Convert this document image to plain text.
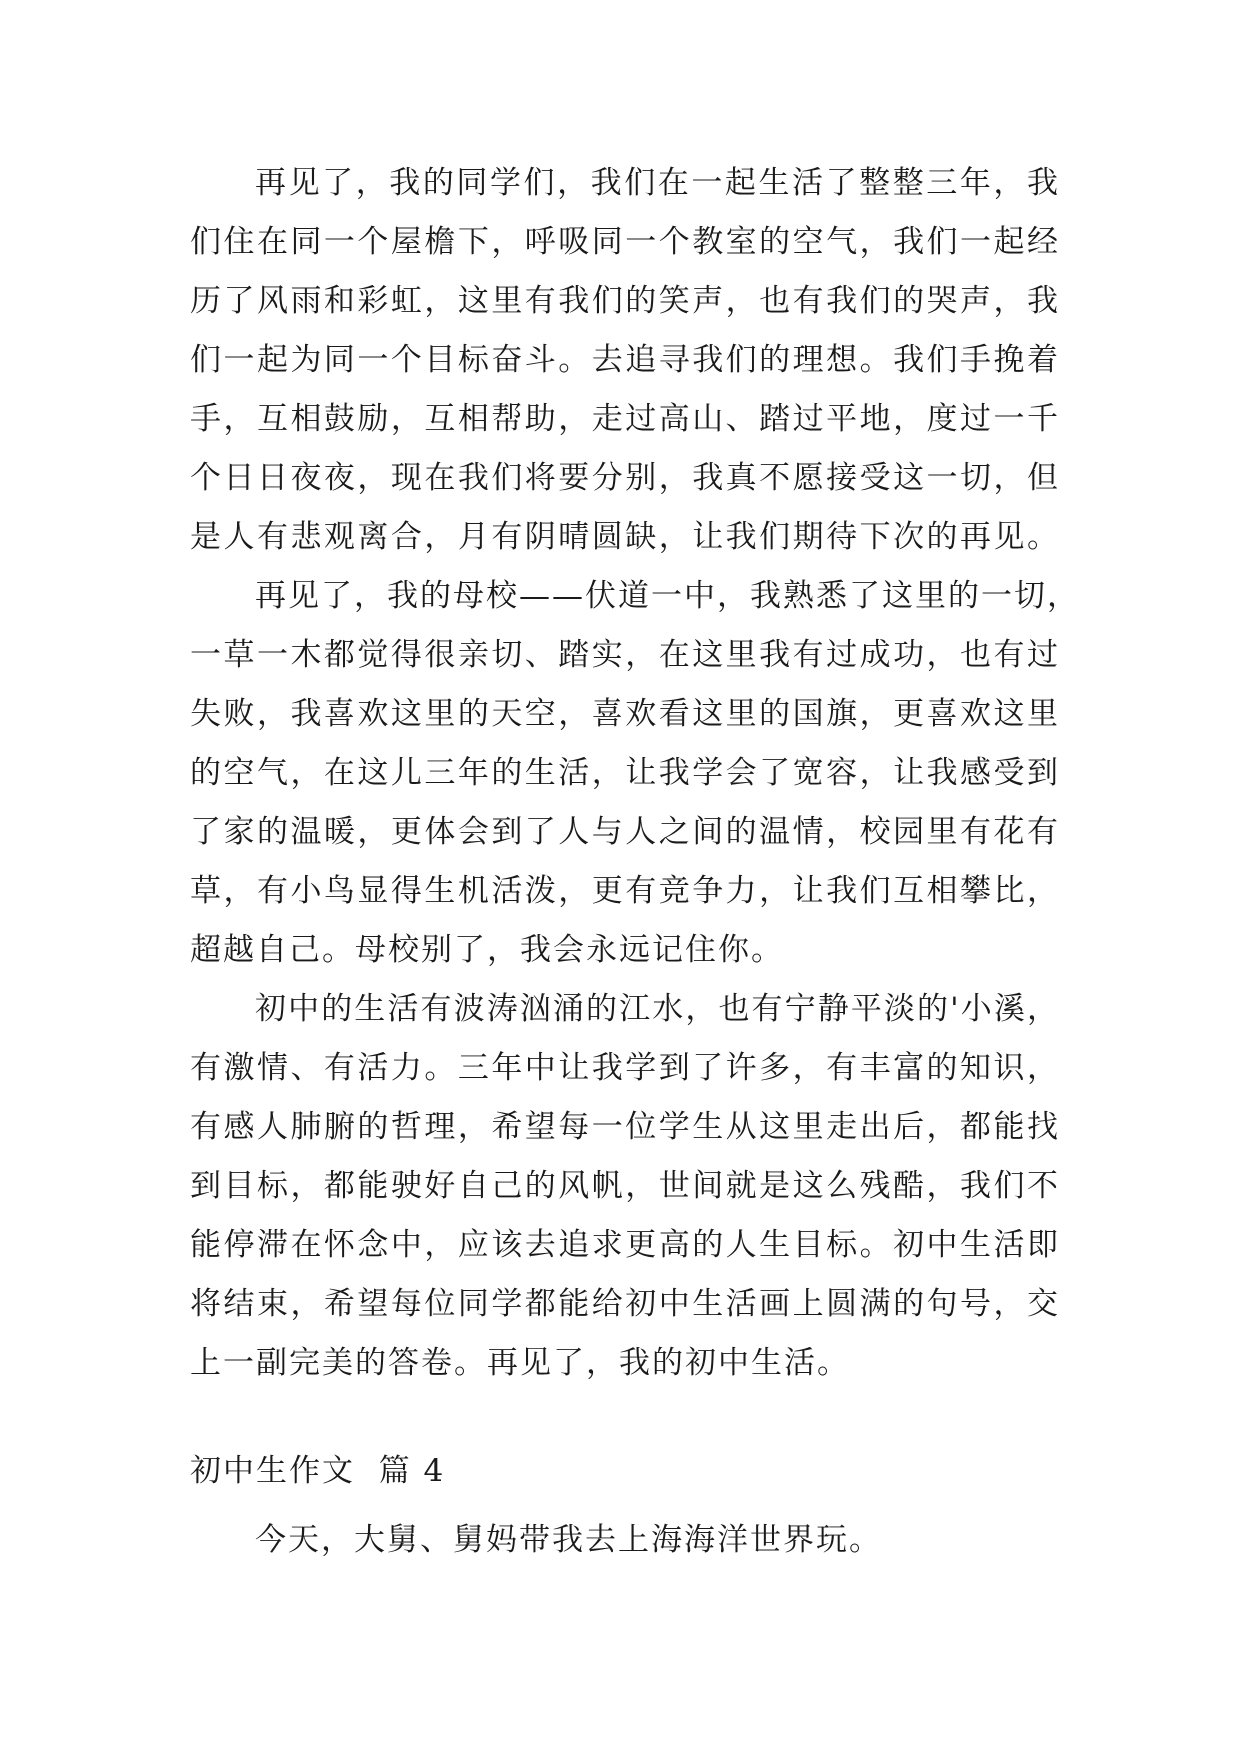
再见了，我的同学们，我们在一起生活了整整三年，我
们住在同一个屋檐下，呼吸同一个教室的空气，我们一起经
历了风雨和彩虹，这里有我们的笑声，也有我们的哭声，我
们一起为同一个目标奋斗。去追寻我们的理想。我们手挽着
手，互相鼓励，互相帮助，走过高山、踏过平地，度过一千
个日日夜夜，现在我们将要分别，我真不愿接受这一切，但
是人有悲观离合，月有阴晴圆缺，让我们期待下次的再见。
再见了，我的母校——伏道一中，我熟悉了这里的一切，
一草一木都觉得很亲切、踏实，在这里我有过成功，也有过
失败，我喜欢这里的天空，喜欢看这里的国旗，更喜欢这里
的空气，在这儿三年的生活，让我学会了宽容，让我感受到
了家的温暖，更体会到了人与人之间的温情，校园里有花有
草，有小鸟显得生机活泼，更有竞争力，让我们互相攀比，
超越自己。母校别了，我会永远记住你。
初中的生活有波涛汹涌的江水，也有宁静平淡的'小溪，
有激情、有活力。三年中让我学到了许多，有丰富的知识，
有感人肺腑的哲理，希望每一位学生从这里走出后，都能找
到目标，都能驶好自己的风帆，世间就是这么残酷，我们不
能停滞在怀念中，应该去追求更高的人生目标。初中生活即
将结束，希望每位同学都能给初中生活画上圆满的句号，交
上一副完美的答卷。再见了，我的初中生活。
初中生作文  篇 4
今天，大舅、舅妈带我去上海海洋世界玩。
